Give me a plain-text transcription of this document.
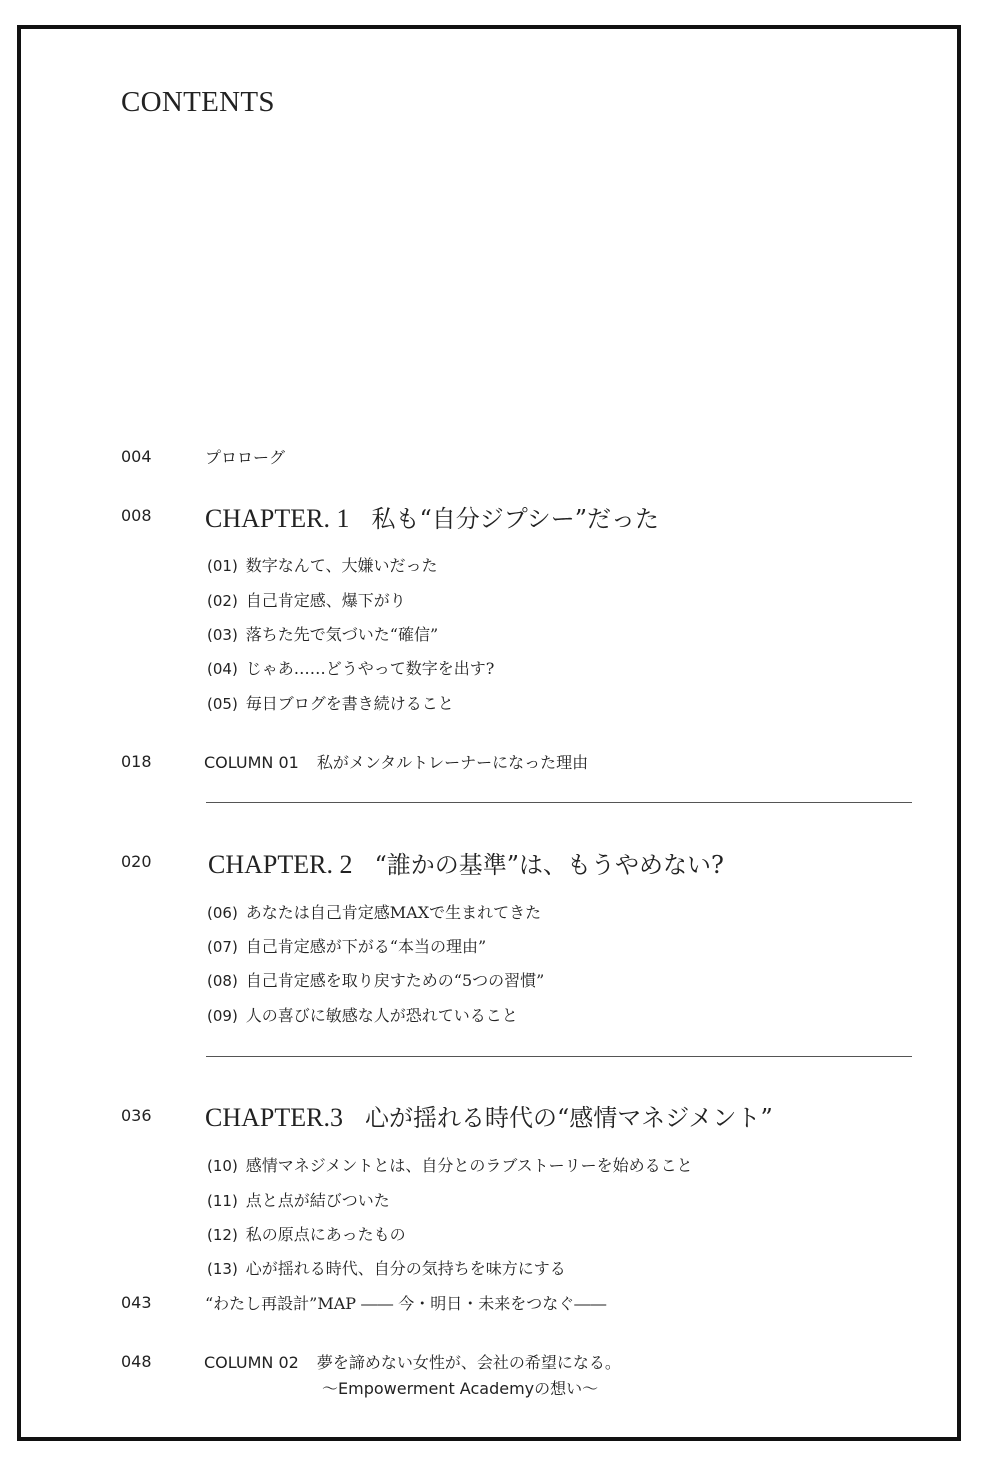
CONTENTS
004	プロローグ
008 CHAPTER. 1 私も“自分ジプシー”だった
(01) 数字なんて、大嫌いだった
(02) 自己肯定感、爆下がり
(03) 落ちた先で気づいた“確信”
(04) じゃあ……どうやって数字を出す?
(05) 毎日ブログを書き続けること
018	COLUMN 01 私がメンタルトレーナーになった理由
020 CHAPTER. 2 “誰かの基準”は、もうやめない?
(06) あなたは自己肯定感MAXで生まれてきた
(07) 自己肯定感が下がる“本当の理由”
(08) 自己肯定感を取り戻すための“5つの習慣”
(09) 人の喜びに敏感な人が恐れていること
036 CHAPTER.3 心が揺れる時代の“感情マネジメント”
(10) 感情マネジメントとは、自分とのラブストーリーを始めること
(11) 点と点が結びついた
(12) 私の原点にあったもの
(13) 心が揺れる時代、自分の気持ちを味方にする
043	“わたし再設計”MAP ―― 今・明日・未来をつなぐ――
048	COLUMN 02 夢を諦めない女性が、会社の希望になる。
〜Empowerment Academyの想い〜
